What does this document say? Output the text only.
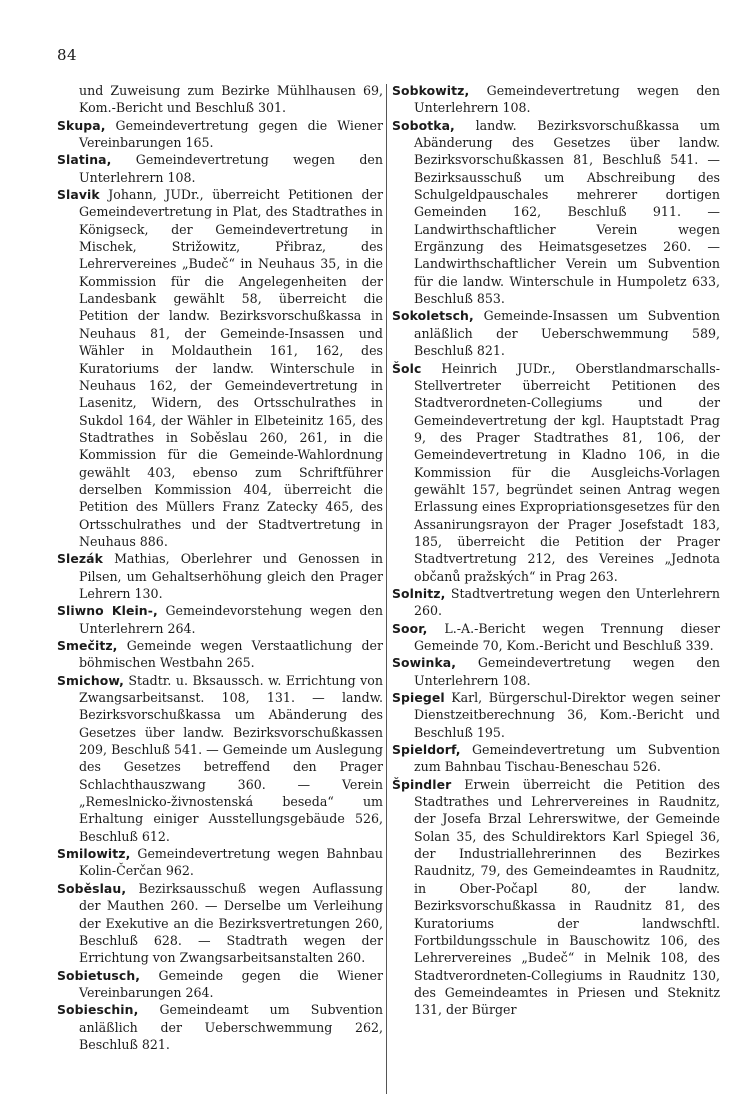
84
und Zuweisung zum Bezirke Mühlhausen 69, Kom.-Bericht und Beschluß 301.
Skupa, Gemeindevertretung gegen die Wiener Vereinbarungen 165.
Slatina, Gemeindevertretung wegen den Unterlehrern 108.
Slavik Johann, JUDr., überreicht Petitionen der Gemeindevertretung in Plat, des Stadtrathes in Königseck, der Gemeindevertretung in Mischek, Strižowitz, Přibraz, des Lehrervereines „Budeč“ in Neuhaus 35, in die Kommission für die Angelegenheiten der Landesbank gewählt 58, überreicht die Petition der landw. Bezirksvorschußkassa in Neuhaus 81, der Gemeinde-Insassen und Wähler in Moldauthein 161, 162, des Kuratoriums der landw. Winterschule in Neuhaus 162, der Gemeindevertretung in Lasenitz, Widern, des Ortsschulrathes in Sukdol 164, der Wähler in Elbeteinitz 165, des Stadtrathes in Soběslau 260, 261, in die Kommission für die Gemeinde-Wahlordnung gewählt 403, ebenso zum Schriftführer derselben Kommission 404, überreicht die Petition des Müllers Franz Zatecky 465, des Ortsschulrathes und der Stadtvertretung in Neuhaus 886.
Slezák Mathias, Oberlehrer und Genossen in Pilsen, um Gehaltserhöhung gleich den Prager Lehrern 130.
Sliwno Klein-, Gemeindevorstehung wegen den Unterlehrern 264.
Smečitz, Gemeinde wegen Verstaatlichung der böhmischen Westbahn 265.
Smichow, Stadtr. u. Bksaussch. w. Errichtung von Zwangsarbeitsanst. 108, 131. — landw. Bezirksvorschußkassa um Abänderung des Gesetzes über landw. Bezirksvorschußkassen 209, Beschluß 541. — Gemeinde um Auslegung des Gesetzes betreffend den Prager Schlachthauszwang 360. — Verein „Remeslnicko-živnostenská beseda“ um Erhaltung einiger Ausstellungsgebäude 526, Beschluß 612.
Smilowitz, Gemeindevertretung wegen Bahnbau Kolin-Čerčan 962.
Soběslau, Bezirksausschuß wegen Auflassung der Mauthen 260. — Derselbe um Verleihung der Exekutive an die Bezirksvertretungen 260, Beschluß 628. — Stadtrath wegen der Errichtung von Zwangsarbeitsanstalten 260.
Sobietusch, Gemeinde gegen die Wiener Vereinbarungen 264.
Sobieschin, Gemeindeamt um Subvention anläßlich der Ueberschwemmung 262, Beschluß 821.
Sobkowitz, Gemeindevertretung wegen den Unterlehrern 108.
Sobotka, landw. Bezirksvorschußkassa um Abänderung des Gesetzes über landw. Bezirksvorschußkassen 81, Beschluß 541. — Bezirksausschuß um Abschreibung des Schulgeldpauschales mehrerer dortigen Gemeinden 162, Beschluß 911. — Landwirthschaftlicher Verein wegen Ergänzung des Heimatsgesetzes 260. — Landwirthschaftlicher Verein um Subvention für die landw. Winterschule in Humpoletz 633, Beschluß 853.
Sokoletsch, Gemeinde-Insassen um Subvention anläßlich der Ueberschwemmung 589, Beschluß 821.
Šolc Heinrich JUDr., Oberstlandmarschalls-Stellvertreter überreicht Petitionen des Stadtverordneten-Collegiums und der Gemeindevertretung der kgl. Hauptstadt Prag 9, des Prager Stadtrathes 81, 106, der Gemeindevertretung in Kladno 106, in die Kommission für die Ausgleichs-Vorlagen gewählt 157, begründet seinen Antrag wegen Erlassung eines Expropriationsgesetzes für den Assanirungsrayon der Prager Josefstadt 183, 185, überreicht die Petition der Prager Stadtvertretung 212, des Vereines „Jednota občanů pražských“ in Prag 263.
Solnitz, Stadtvertretung wegen den Unterlehrern 260.
Soor, L.-A.-Bericht wegen Trennung dieser Gemeinde 70, Kom.-Bericht und Beschluß 339.
Sowinka, Gemeindevertretung wegen den Unterlehrern 108.
Spiegel Karl, Bürgerschul-Direktor wegen seiner Dienstzeitberechnung 36, Kom.-Bericht und Beschluß 195.
Spieldorf, Gemeindevertretung um Subvention zum Bahnbau Tischau-Beneschau 526.
Špindler Erwein überreicht die Petition des Stadtrathes und Lehrervereines in Raudnitz, der Josefa Brzal Lehrerswitwe, der Gemeinde Solan 35, des Schuldirektors Karl Spiegel 36, der Industriallehrerinnen des Bezirkes Raudnitz, 79, des Gemeindeamtes in Raudnitz, in Ober-Počapl 80, der landw. Bezirksvorschußkassa in Raudnitz 81, des Kuratoriums der landwschftl. Fortbildungsschule in Bauschowitz 106, des Lehrervereines „Budeč“ in Melnik 108, des Stadtverordneten-Collegiums in Raudnitz 130, des Gemeindeamtes in Priesen und Steknitz 131, der Bürger
